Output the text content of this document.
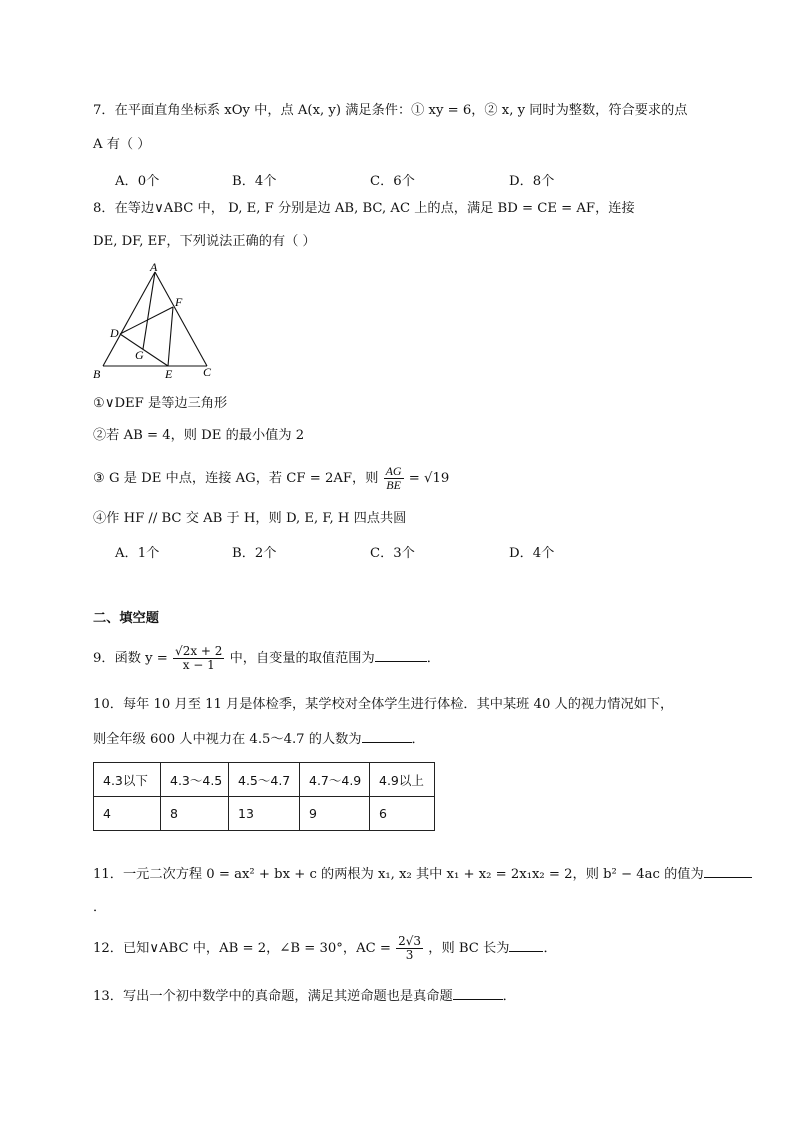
7．在平面直角坐标系 xOy 中，点 A(x, y) 满足条件：① xy = 6，② x, y 同时为整数，符合要求的点
A 有（ ）
A．0个	B．4个	C．6个	D．8个
8．在等边∨ABC 中， D, E, F 分别是边 AB, BC, AC 上的点，满足 BD = CE = AF，连接
DE, DF, EF，下列说法正确的有（ ）
A
F
D
G
B	E	C
①∨DEF 是等边三角形
②若 AB = 4，则 DE 的最小值为 2
③ G 是 DE 中点，连接 AG，若 CF = 2AF，则 $\frac{AG}{BE} = √19$
④作 HF // BC 交 AB 于 H，则 D, E, F, H 四点共圆
A．1个	B．2个	C．3个	D．4个
二、填空题
9．函数 $y = \frac{√2x + 2}{x - 1}$ 中，自变量的取值范围为	．
10．每年 10 月至 11 月是体检季，某学校对全体学生进行体检．其中某班 40 人的视力情况如下，
则全年级 600 人中视力在 4.5～4.7 的人数为	．
4.3以下	4.3～4.5	4.5～4.7	4.7～4.9	4.9以上
4	8	13	9	6
11．一元二次方程 0 = ax² + bx + c 的两根为 x₁, x₂ 其中 x₁ + x₂ = 2x₁x₂ = 2，则 b² − 4ac 的值为
．
12．已知∨ABC 中，AB = 2，∠B = 30°，AC = $\frac{2√3}{3}$ ，则 BC 长为	．
13．写出一个初中数学中的真命题，满足其逆命题也是真命题	．
